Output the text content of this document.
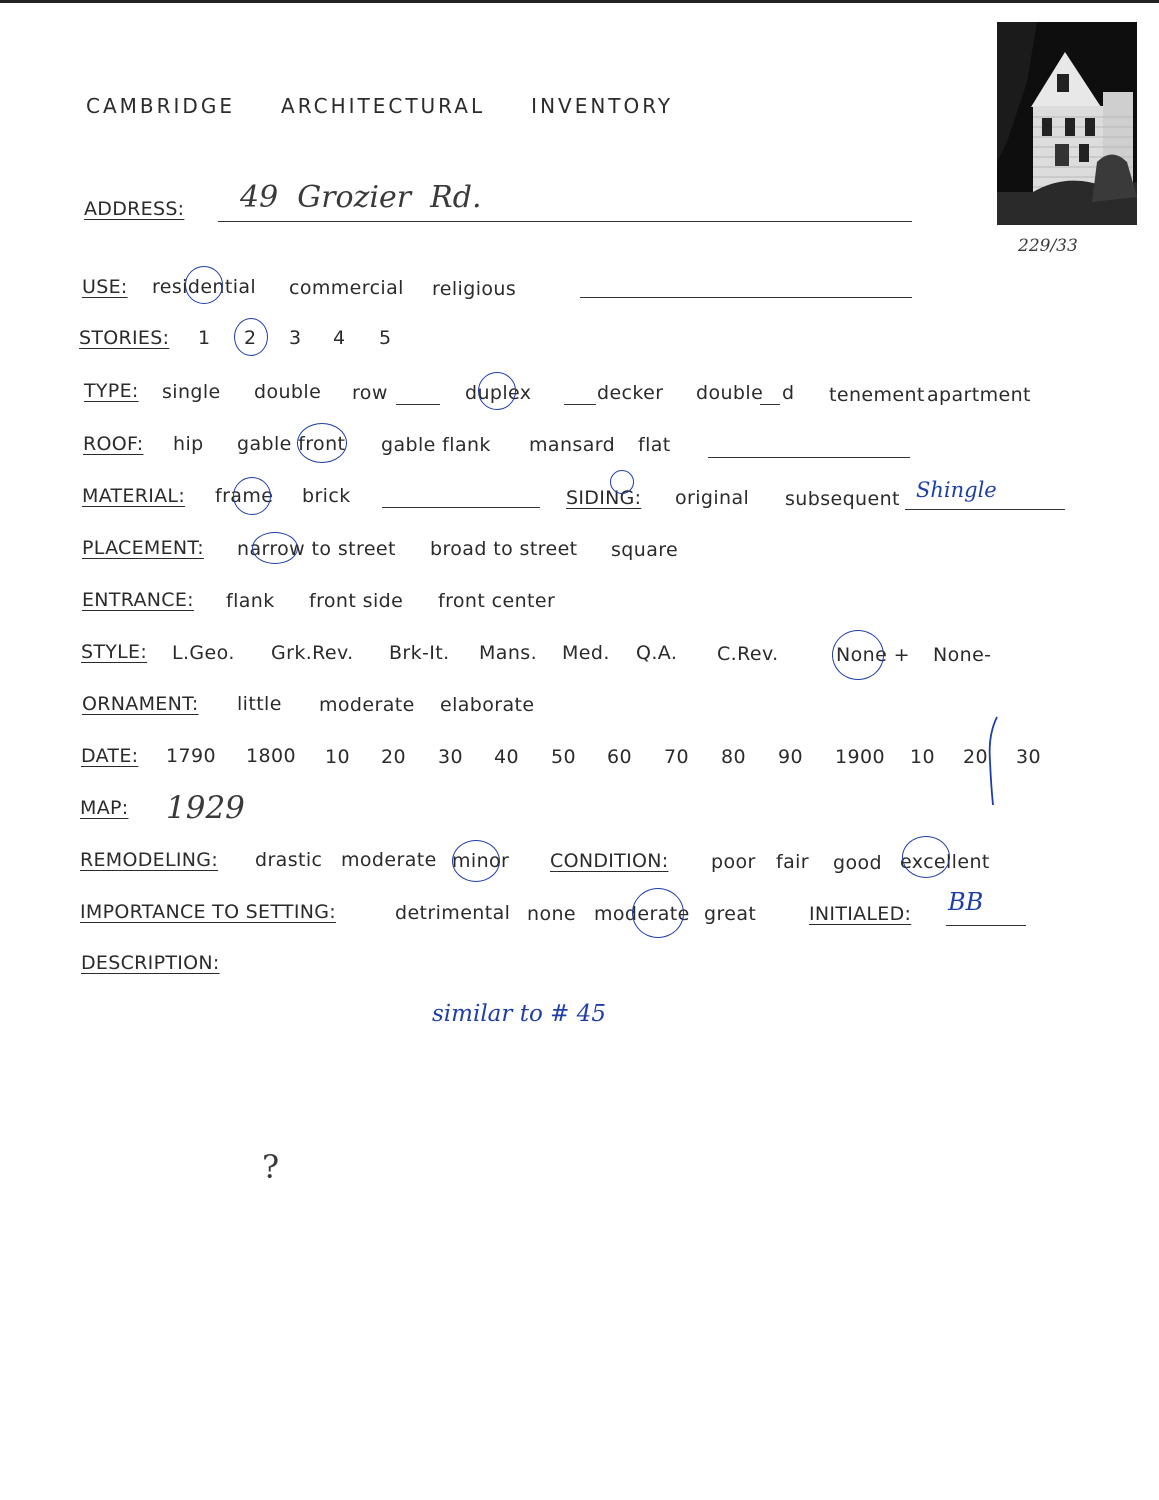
CAMBRIDGE   ARCHITECTURAL   INVENTORY
229/33
ADDRESS: 49  Grozier  Rd.
USE: residential commercial religious
STORIES: 1 2 3 4 5
TYPE: single double row	duplex	decker double d tenement apartment
ROOF: hip gable front gable flank mansard flat
MATERIAL: frame brick	SIDING: original subsequent Shingle
PLACEMENT: narrow to street broad to street square
ENTRANCE: flank front side front center
STYLE: L.Geo. Grk.Rev. Brk-It. Mans. Med. Q.A. C.Rev.	None + None-
ORNAMENT: little moderate elaborate
DATE: 1790 1800 10 20 30 40 50 60 70 80 90 1900 10 20 30
MAP: 1929
REMODELING: drastic moderate minor CONDITION: poor fair good excellent
IMPORTANCE TO SETTING:	detrimental none moderate great	INITIALED: BB
DESCRIPTION:
similar to # 45
?
